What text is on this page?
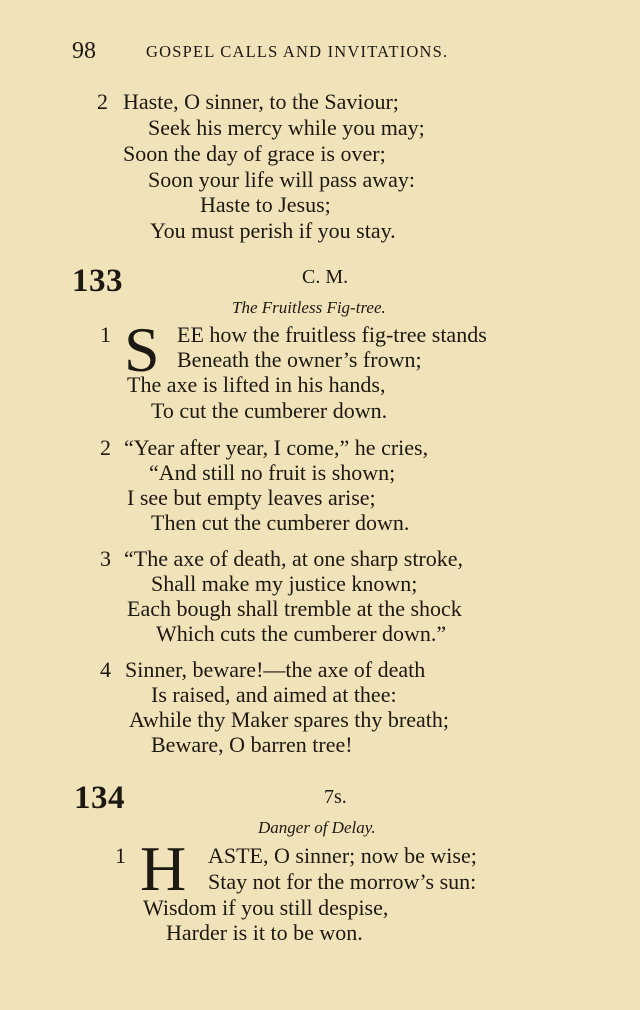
98	GOSPEL CALLS AND INVITATIONS.
2 Haste, O sinner, to the Saviour;
Seek his mercy while you may;
Soon the day of grace is over;
Soon your life will pass away:
Haste to Jesus;
You must perish if you stay.
133	C. M.
The Fruitless Fig-tree.
1 S EE how the fruitless fig-tree stands
Beneath the owner’s frown;
The axe is lifted in his hands,
To cut the cumberer down.
2 “Year after year, I come,” he cries,
“And still no fruit is shown;
I see but empty leaves arise;
Then cut the cumberer down.
3 “The axe of death, at one sharp stroke,
Shall make my justice known;
Each bough shall tremble at the shock
Which cuts the cumberer down.”
4 Sinner, beware!—the axe of death
Is raised, and aimed at thee:
Awhile thy Maker spares thy breath;
Beware, O barren tree!
134	7s.
Danger of Delay.
1 H ASTE, O sinner; now be wise;
Stay not for the morrow’s sun:
Wisdom if you still despise,
Harder is it to be won.
